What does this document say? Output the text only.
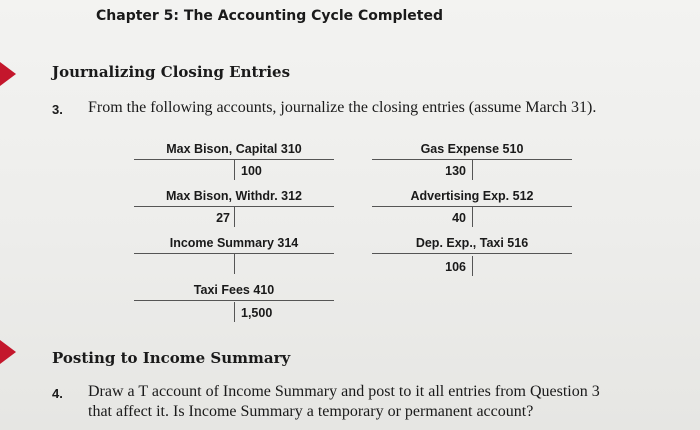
Chapter 5: The Accounting Cycle Completed
Journalizing Closing Entries
3. From the following accounts, journalize the closing entries (assume March 31).
Max Bison, Capital 310
100
Max Bison, Withdr. 312
27
Income Summary 314
Taxi Fees 410
1,500
Gas Expense 510
130
Advertising Exp. 512
40
Dep. Exp., Taxi 516
106
Posting to Income Summary
4. Draw a T account of Income Summary and post to it all entries from Question 3
that affect it. Is Income Summary a temporary or permanent account?
